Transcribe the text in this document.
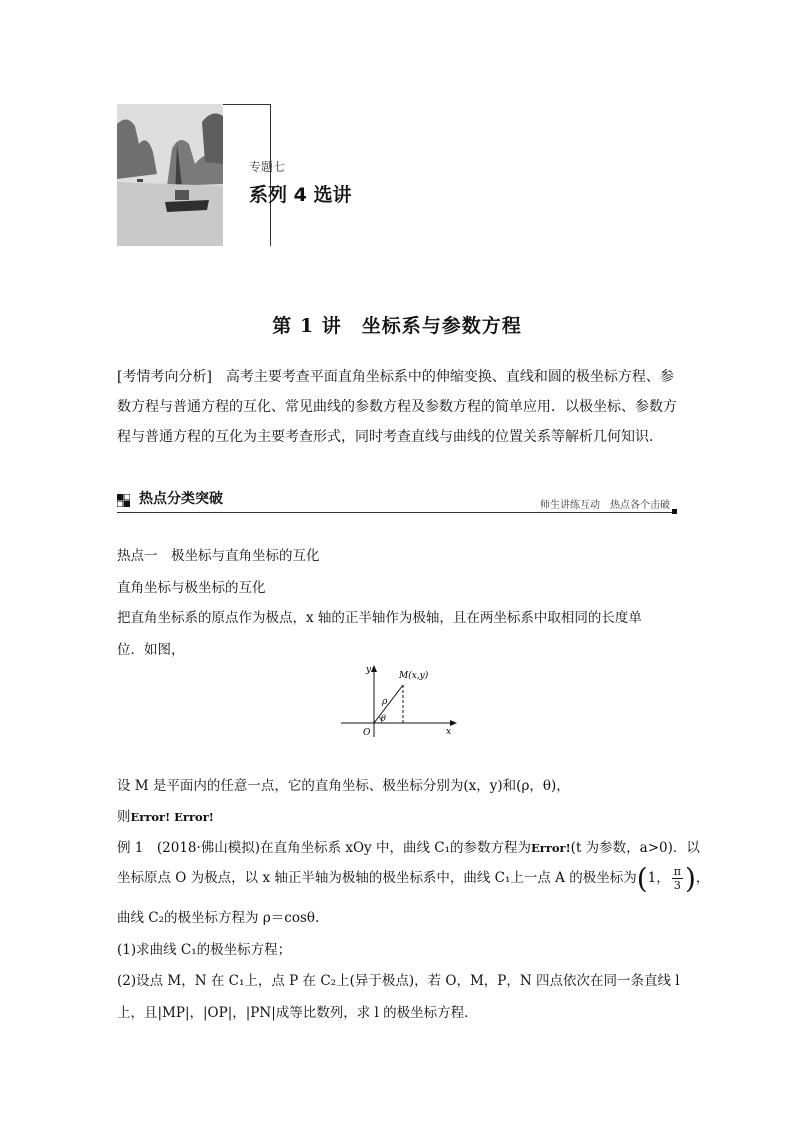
专题七
系列 4 选讲
第 1 讲　坐标系与参数方程
[考情考向分析]　高考主要考查平面直角坐标系中的伸缩变换、直线和圆的极坐标方程、参
数方程与普通方程的互化、常见曲线的参数方程及参数方程的简单应用．以极坐标、参数方
程与普通方程的互化为主要考查形式，同时考查直线与曲线的位置关系等解析几何知识．
热点分类突破	师生讲练互动　热点各个击破
热点一　极坐标与直角坐标的互化
直角坐标与极坐标的互化
把直角坐标系的原点作为极点，x 轴的正半轴作为极轴，且在两坐标系中取相同的长度单
位．如图，
y
x
O
M(x,y)
ρ
θ
设 M 是平面内的任意一点，它的直角坐标、极坐标分别为(x，y)和(ρ，θ)，
则Error! Error!
例 1　(2018·佛山模拟)在直角坐标系 xOy 中，曲线 C₁的参数方程为Error!(t 为参数，a>0)．以
坐标原点 O 为极点，以 x 轴正半轴为极轴的极坐标系中，曲线 C₁上一点 A 的极坐标为(1， $\frac{\pi}{3}$)，
曲线 C₂的极坐标方程为 ρ＝cosθ.
(1)求曲线 C₁的极坐标方程；
(2)设点 M，N 在 C₁上，点 P 在 C₂上(异于极点)，若 O，M，P，N 四点依次在同一条直线 l
上，且|MP|，|OP|，|PN|成等比数列，求 l 的极坐标方程．
